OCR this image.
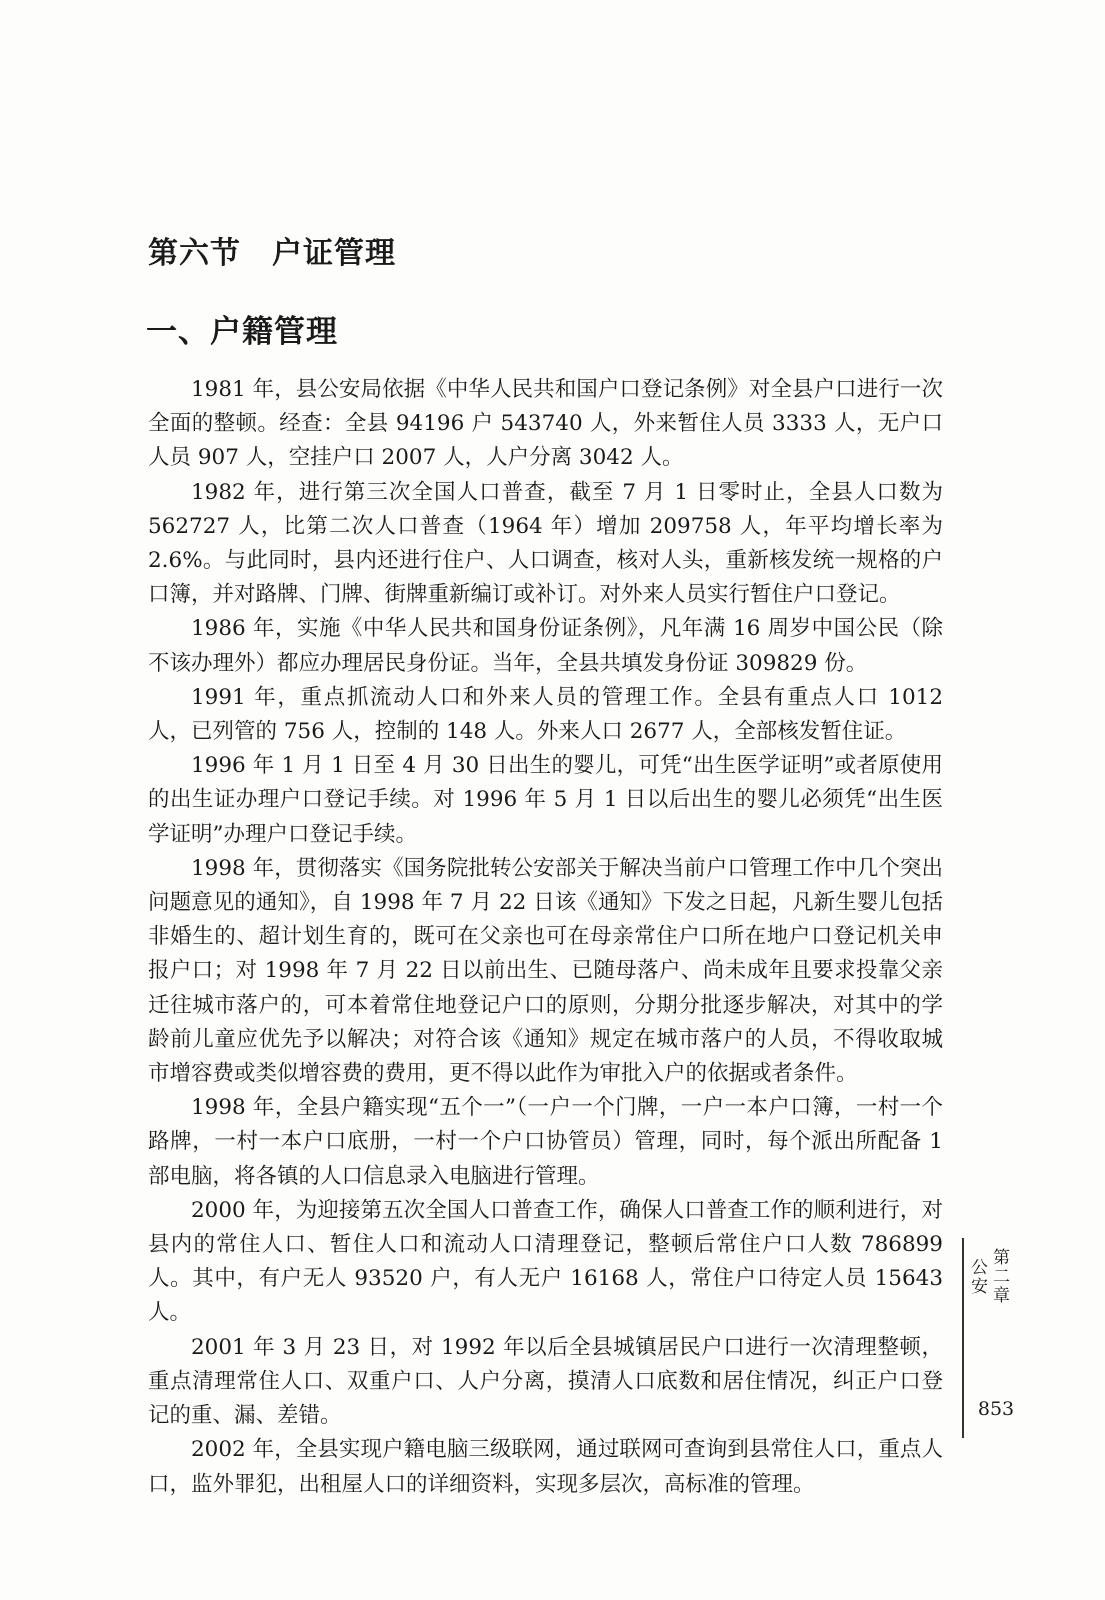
第六节　户证管理
一、户籍管理

1981 年，县公安局依据《中华人民共和国户口登记条例》对全县户口进行一次全面的整顿。经查：全县 94196 户 543740 人，外来暂住人员 3333 人，无户口人员 907 人，空挂户口 2007 人，人户分离 3042 人。

1982 年，进行第三次全国人口普查，截至 7 月 1 日零时止，全县人口数为 562727 人，比第二次人口普查（1964 年）增加 209758 人，年平均增长率为 2.6%。与此同时，县内还进行住户、人口调查，核对人头，重新核发统一规格的户口簿，并对路牌、门牌、街牌重新编订或补订。对外来人员实行暂住户口登记。

1986 年，实施《中华人民共和国身份证条例》，凡年满 16 周岁中国公民（除不该办理外）都应办理居民身份证。当年，全县共填发身份证 309829 份。

1991 年，重点抓流动人口和外来人员的管理工作。全县有重点人口 1012 人，已列管的 756 人，控制的 148 人。外来人口 2677 人，全部核发暂住证。

1996 年 1 月 1 日至 4 月 30 日出生的婴儿，可凭“出生医学证明”或者原使用的出生证办理户口登记手续。对 1996 年 5 月 1 日以后出生的婴儿必须凭“出生医学证明”办理户口登记手续。

1998 年，贯彻落实《国务院批转公安部关于解决当前户口管理工作中几个突出问题意见的通知》，自 1998 年 7 月 22 日该《通知》下发之日起，凡新生婴儿包括非婚生的、超计划生育的，既可在父亲也可在母亲常住户口所在地户口登记机关申报户口；对 1998 年 7 月 22 日以前出生、已随母落户、尚未成年且要求投靠父亲迁往城市落户的，可本着常住地登记户口的原则，分期分批逐步解决，对其中的学龄前儿童应优先予以解决；对符合该《通知》规定在城市落户的人员，不得收取城市增容费或类似增容费的费用，更不得以此作为审批入户的依据或者条件。

1998 年，全县户籍实现“五个一”（一户一个门牌，一户一本户口簿，一村一个路牌，一村一本户口底册，一村一个户口协管员）管理，同时，每个派出所配备 1 部电脑，将各镇的人口信息录入电脑进行管理。

2000 年，为迎接第五次全国人口普查工作，确保人口普查工作的顺利进行，对县内的常住人口、暂住人口和流动人口清理登记，整顿后常住户口人数 786899 人。其中，有户无人 93520 户，有人无户 16168 人，常住户口待定人员 15643 人。

2001 年 3 月 23 日，对 1992 年以后全县城镇居民户口进行一次清理整顿，重点清理常住人口、双重户口、人户分离，摸清人口底数和居住情况，纠正户口登记的重、漏、差错。

2002 年，全县实现户籍电脑三级联网，通过联网可查询到县常住人口，重点人口，监外罪犯，出租屋人口的详细资料，实现多层次，高标准的管理。

第二章
公安
853
